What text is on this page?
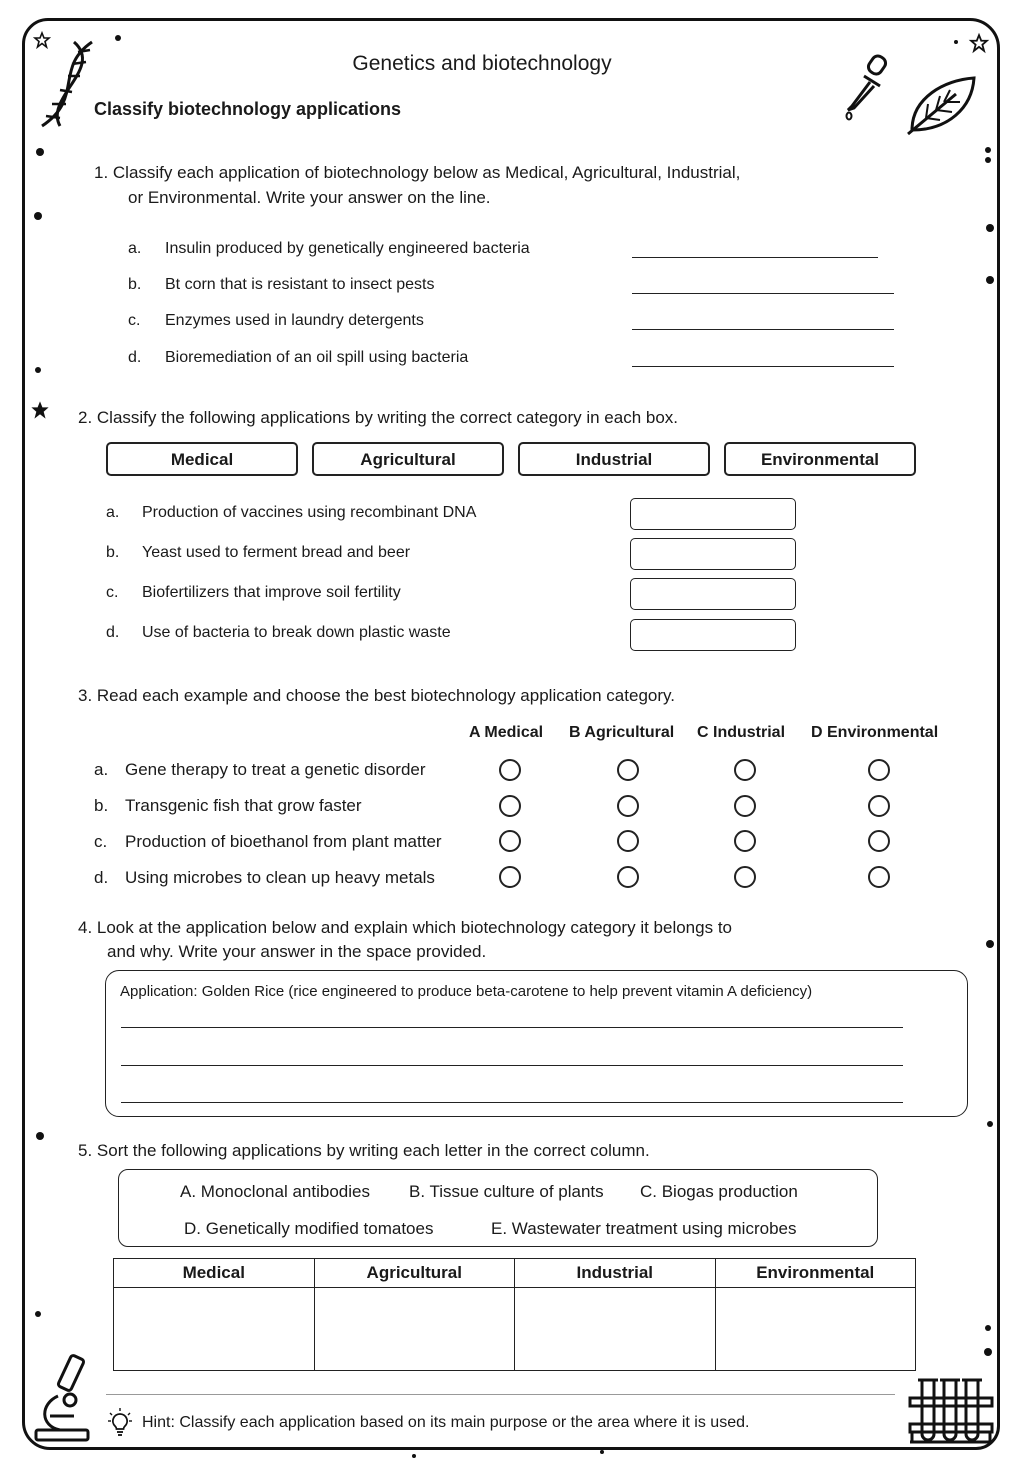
Genetics and biotechnology
Classify biotechnology applications
1. Classify each application of biotechnology below as Medical, Agricultural, Industrial,
or Environmental. Write your answer on the line.
a. Insulin produced by genetically engineered bacteria
b. Bt corn that is resistant to insect pests
c. Enzymes used in laundry detergents
d. Bioremediation of an oil spill using bacteria
2. Classify the following applications by writing the correct category in each box.
Medical	Agricultural	Industrial	Environmental
a. Production of vaccines using recombinant DNA
b. Yeast used to ferment bread and beer
c. Biofertilizers that improve soil fertility
d. Use of bacteria to break down plastic waste
3. Read each example and choose the best biotechnology application category.
A Medical B Agricultural C Industrial D Environmental
a. Gene therapy to treat a genetic disorder
b. Transgenic fish that grow faster
c. Production of bioethanol from plant matter
d. Using microbes to clean up heavy metals
4. Look at the application below and explain which biotechnology category it belongs to
and why. Write your answer in the space provided.
Application: Golden Rice (rice engineered to produce beta-carotene to help prevent vitamin A deficiency)
5. Sort the following applications by writing each letter in the correct column.
A. Monoclonal antibodies B. Tissue culture of plants C. Biogas production
D. Genetically modified tomatoes	E. Wastewater treatment using microbes
Medical	Agricultural	Industrial	Environmental

Hint: Classify each application based on its main purpose or the area where it is used.
